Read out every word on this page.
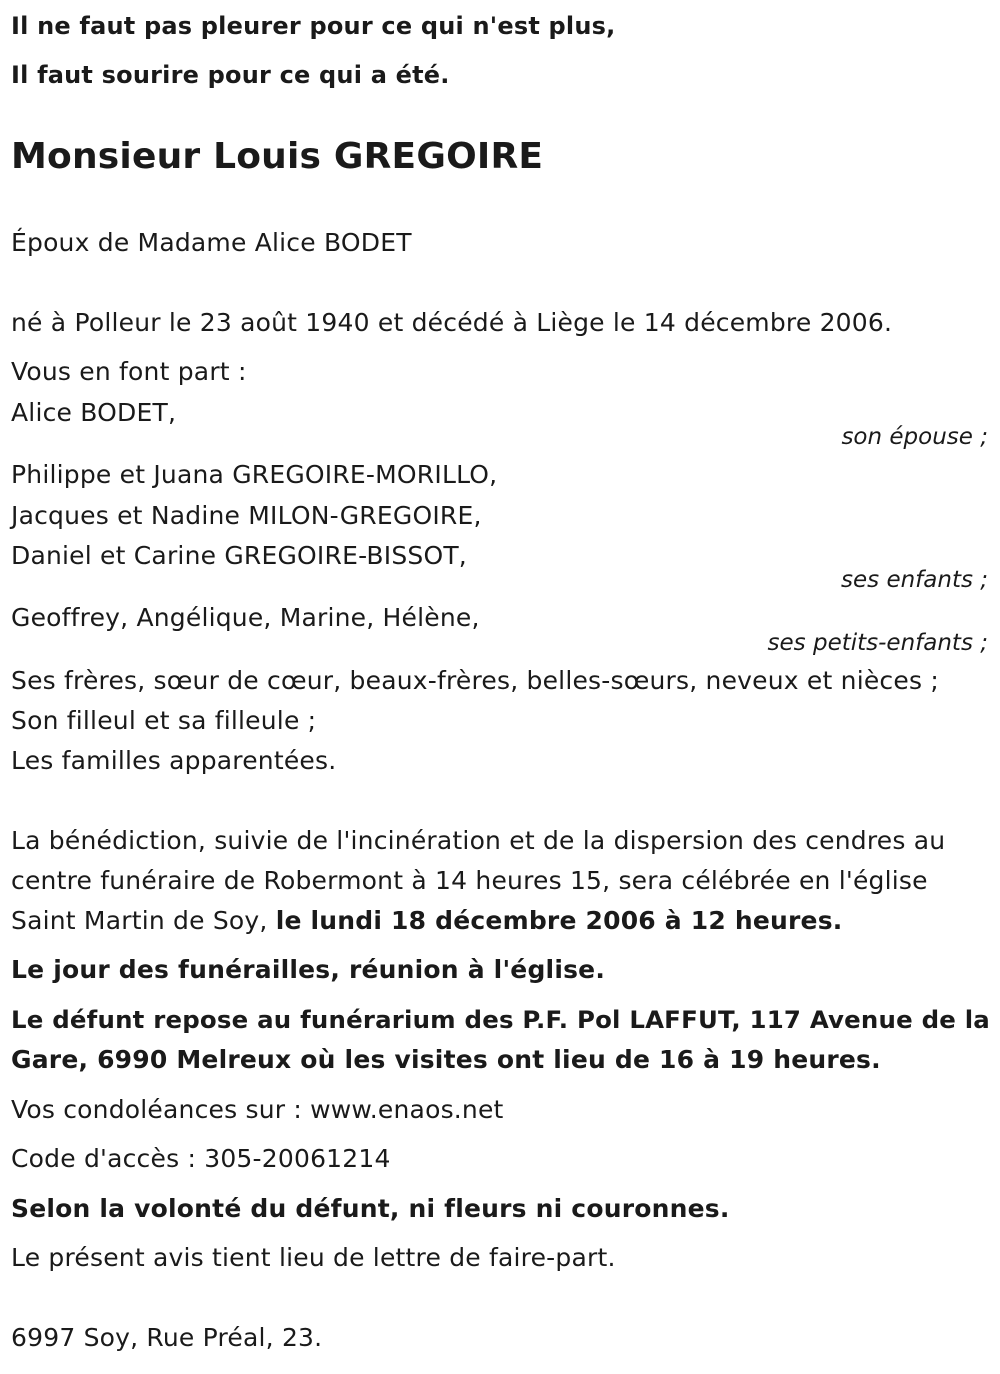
Il ne faut pas pleurer pour ce qui n'est plus,
Il faut sourire pour ce qui a été.
Monsieur Louis GREGOIRE
Époux de Madame Alice BODET
né à Polleur le 23 août 1940 et décédé à Liège le 14 décembre 2006.
Vous en font part :
Alice BODET,
son épouse ;
Philippe et Juana GREGOIRE-MORILLO,
Jacques et Nadine MILON-GREGOIRE,
Daniel et Carine GREGOIRE-BISSOT,
ses enfants ;
Geoffrey, Angélique, Marine, Hélène,
ses petits-enfants ;
Ses frères, sœur de cœur, beaux-frères, belles-sœurs, neveux et nièces ;
Son filleul et sa filleule ;
Les familles apparentées.
La bénédiction, suivie de l'incinération et de la dispersion des cendres au
centre funéraire de Robermont à 14 heures 15, sera célébrée en l'église
Saint Martin de Soy, le lundi 18 décembre 2006 à 12 heures.
Le jour des funérailles, réunion à l'église.
Le défunt repose au funérarium des P.F. Pol LAFFUT, 117 Avenue de la
Gare, 6990 Melreux où les visites ont lieu de 16 à 19 heures.
Vos condoléances sur : www.enaos.net
Code d'accès : 305-20061214
Selon la volonté du défunt, ni fleurs ni couronnes.
Le présent avis tient lieu de lettre de faire-part.
6997 Soy, Rue Préal, 23.
